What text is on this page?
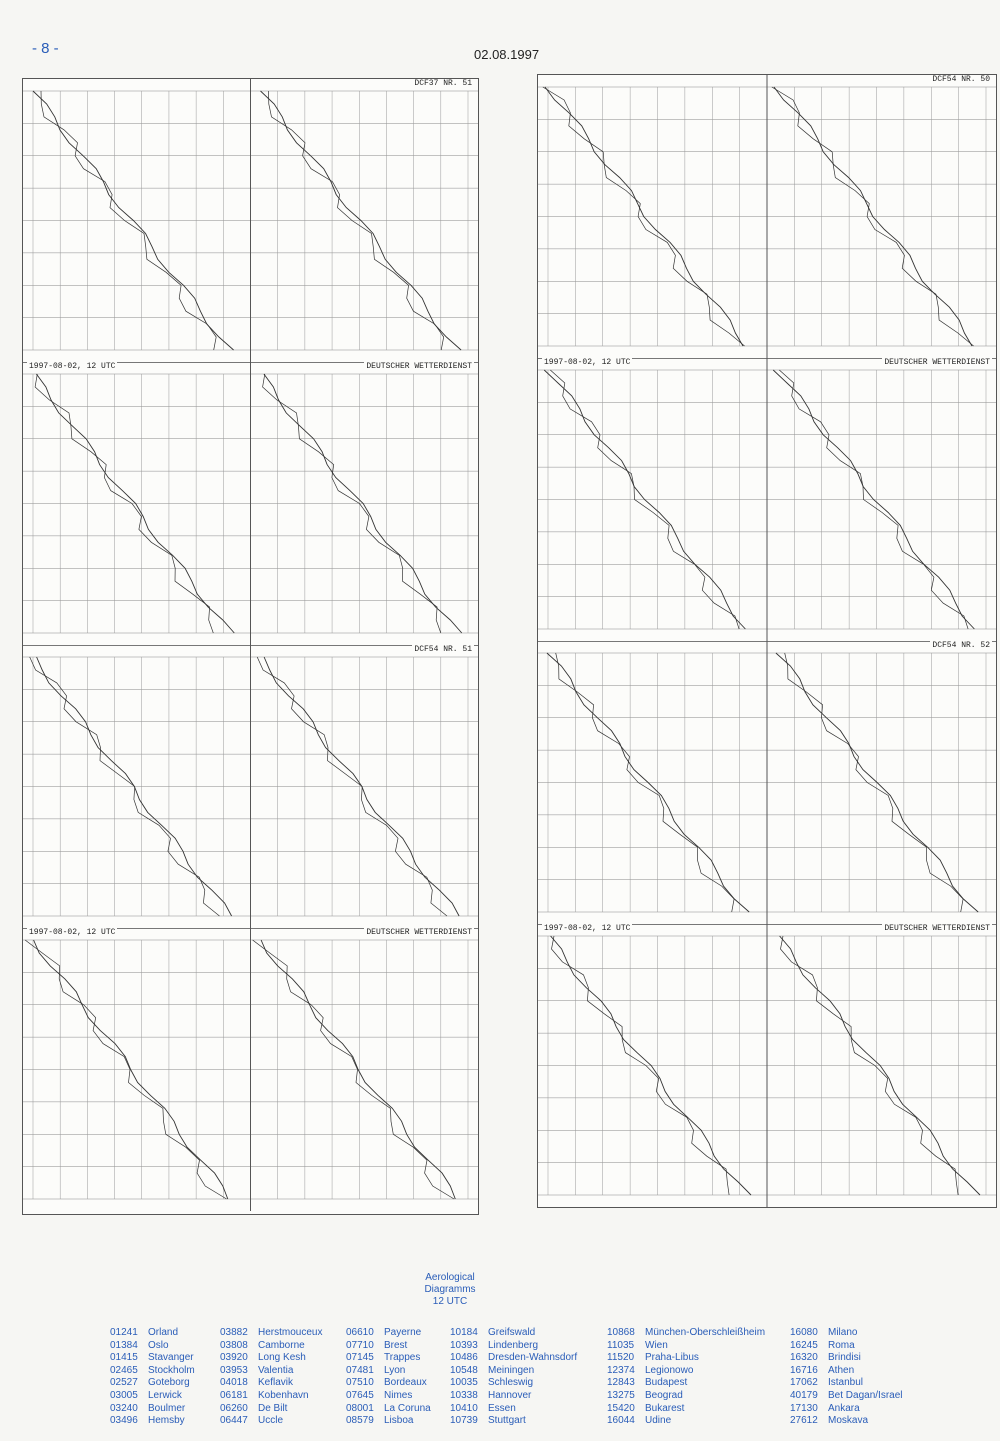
- 8 -	02.08.1997
DCF37 NR. 51
1997-08-02, 12 UTC	DEUTSCHER WETTERDIENST
DCF54 NR. 51
1997-08-02, 12 UTC	DEUTSCHER WETTERDIENST
DCF54 NR. 50
1997-08-02, 12 UTC	DEUTSCHER WETTERDIENST
DCF54 NR. 52
1997-08-02, 12 UTC	DEUTSCHER WETTERDIENST
Aerological
Diagramms
12 UTC
01241	Orland
01384	Oslo
01415	Stavanger
02465	Stockholm
02527	Goteborg
03005	Lerwick
03240	Boulmer
03496	Hemsby
03882	Herstmouceux
03808	Camborne
03920	Long Kesh
03953	Valentia
04018	Keflavik
06181	Kobenhavn
06260	De Bilt
06447	Uccle
06610	Payerne
07710	Brest
07145	Trappes
07481	Lyon
07510	Bordeaux
07645	Nimes
08001	La Coruna
08579	Lisboa
10184	Greifswald
10393	Lindenberg
10486	Dresden-Wahnsdorf
10548	Meiningen
10035	Schleswig
10338	Hannover
10410	Essen
10739	Stuttgart
10868	München-Oberschleißheim
11035	Wien
11520	Praha-Libus
12374	Legionowo
12843	Budapest
13275	Beograd
15420	Bukarest
16044	Udine
16080	Milano
16245	Roma
16320	Brindisi
16716	Athen
17062	Istanbul
40179	Bet Dagan/Israel
17130	Ankara
27612	Moskava
